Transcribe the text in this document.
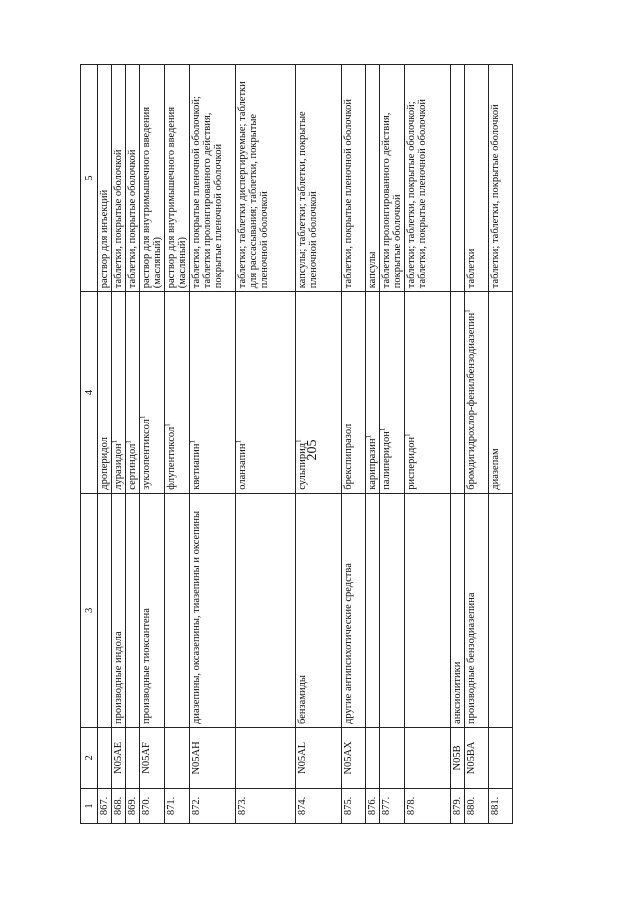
205
1	2	3	4	5
867.			дроперидол	раствор для инъекций
868.	N05AE	производные индола	луразидон$^1$	таблетки, покрытые оболочкой
869.			сертиндол$^1$	таблетки, покрытые оболочкой
870.	N05AF	производные тиоксантена	зуклопентиксол$^1$	раствор для внутримышечного введения (масляный)
871.			флупентиксол$^1$	раствор для внутримышечного введения (масляный)
872.	N05AH	диазепины, оксазепины, тиазепины и оксепины	кветиапин$^1$	таблетки, покрытые пленочной оболочкой; таблетки пролонгированного действия, покрытые пленочной оболочкой
873.			оланзапин$^1$	таблетки; таблетки диспергируемые; таблетки для рассасывания; таблетки, покрытые пленочной оболочкой
874.	N05AL	бензамиды	сульпирид$^1$	капсулы; таблетки; таблетки, покрытые пленочной оболочкой
875.	N05AX	другие антипсихотические средства	брекспипразол	таблетки, покрытые пленочной оболочкой
876.			карипразин$^1$	капсулы
877.			палиперидон$^1$	таблетки пролонгированного действия, покрытые оболочкой
878.			рисперидон$^1$	таблетки; таблетки, покрытые оболочкой; таблетки, покрытые пленочной оболочкой
879.	N05B	анксиолитики		
880.	N05BA	производные бензодиазепина	бромдигидрохлор-фенилбензодиазепин$^1$	таблетки
881.			диазепам	таблетки; таблетки, покрытые оболочкой
